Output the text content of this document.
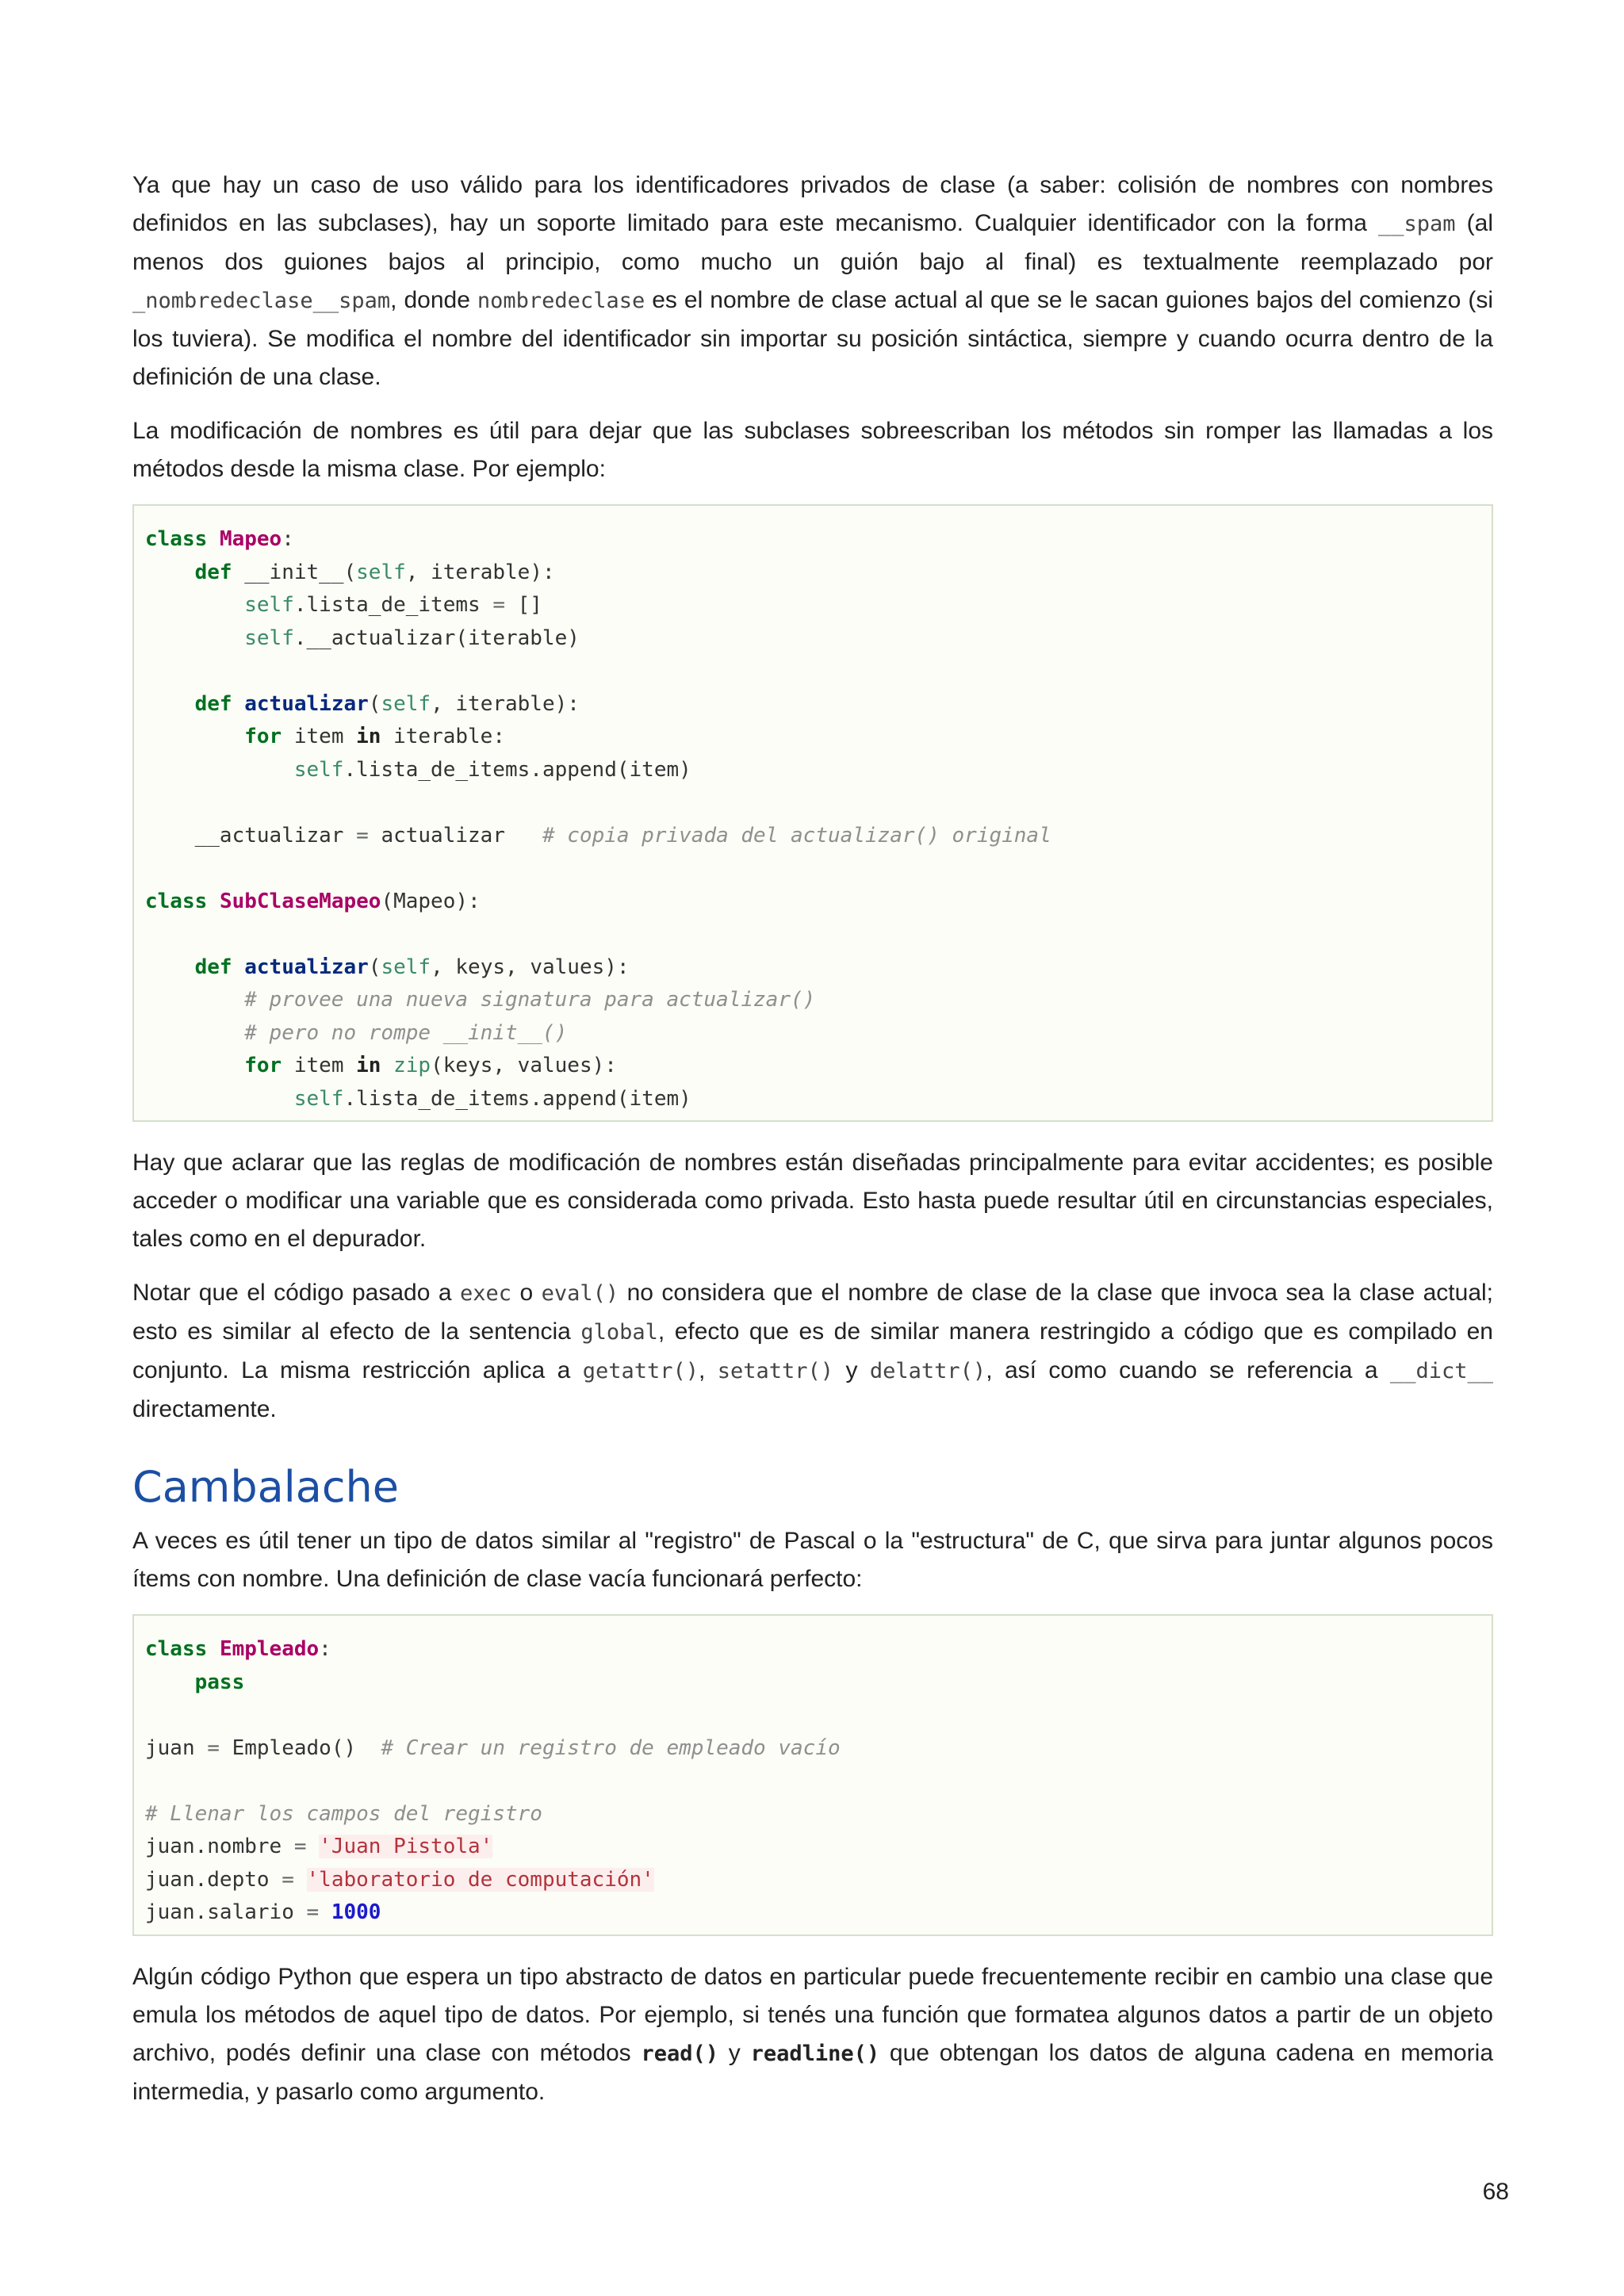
Ya que hay un caso de uso válido para los identificadores privados de clase (a saber: colisión de nombres con nombres definidos en las subclases), hay un soporte limitado para este mecanismo. Cualquier identificador con la forma __spam (al menos dos guiones bajos al principio, como mucho un guión bajo al final) es textualmente reemplazado por _nombredeclase__spam, donde nombredeclase es el nombre de clase actual al que se le sacan guiones bajos del comienzo (si los tuviera). Se modifica el nombre del identificador sin importar su posición sintáctica, siempre y cuando ocurra dentro de la definición de una clase.

La modificación de nombres es útil para dejar que las subclases sobreescriban los métodos sin romper las llamadas a los métodos desde la misma clase. Por ejemplo:

class Mapeo:
def __init__(self, iterable):
self.lista_de_items = []
self.__actualizar(iterable)

def actualizar(self, iterable):
for item in iterable:
self.lista_de_items.append(item)

__actualizar = actualizar # copia privada del actualizar() original

class SubClaseMapeo(Mapeo):

def actualizar(self, keys, values):
# provee una nueva signatura para actualizar()
# pero no rompe __init__()
for item in zip(keys, values):
self.lista_de_items.append(item)

Hay que aclarar que las reglas de modificación de nombres están diseñadas principalmente para evitar accidentes; es posible acceder o modificar una variable que es considerada como privada. Esto hasta puede resultar útil en circunstancias especiales, tales como en el depurador.

Notar que el código pasado a exec o eval() no considera que el nombre de clase de la clase que invoca sea la clase actual; esto es similar al efecto de la sentencia global, efecto que es de similar manera restringido a código que es compilado en conjunto. La misma restricción aplica a getattr(), setattr() y delattr(), así como cuando se referencia a __dict__ directamente.

Cambalache

A veces es útil tener un tipo de datos similar al "registro" de Pascal o la "estructura" de C, que sirva para juntar algunos pocos ítems con nombre. Una definición de clase vacía funcionará perfecto:

class Empleado:
pass

juan = Empleado() # Crear un registro de empleado vacío

# Llenar los campos del registro
juan.nombre = 'Juan Pistola'
juan.depto = 'laboratorio de computación'
juan.salario = 1000

Algún código Python que espera un tipo abstracto de datos en particular puede frecuentemente recibir en cambio una clase que emula los métodos de aquel tipo de datos. Por ejemplo, si tenés una función que formatea algunos datos a partir de un objeto archivo, podés definir una clase con métodos read() y readline() que obtengan los datos de alguna cadena en memoria intermedia, y pasarlo como argumento.

68
